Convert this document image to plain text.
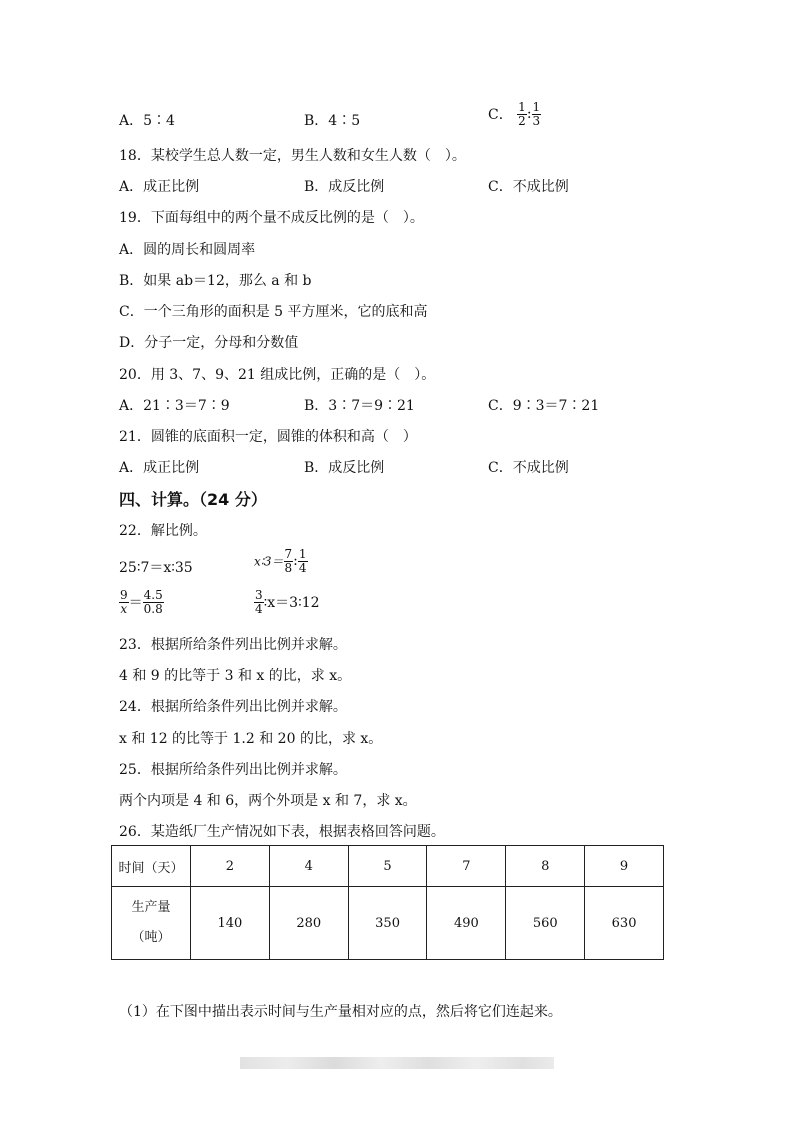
A．5∶4	B．4∶5	C． $\frac{1}{2}$ : $\frac{1}{3}$
18．某校学生总人数一定，男生人数和女生人数（　）。
A．成正比例	B．成反比例	C．不成比例
19．下面每组中的两个量不成反比例的是（　）。
A．圆的周长和圆周率
B．如果 ab＝12，那么 a 和 b
C．一个三角形的面积是 5 平方厘米，它的底和高
D．分子一定，分母和分数值
20．用 3、7、9、21 组成比例，正确的是（　）。
A．21∶3＝7∶9	B．3∶7＝9∶21	C．9∶3＝7∶21
21．圆锥的底面积一定，圆锥的体积和高（　）
A．成正比例	B．成反比例	C．不成比例
四、计算。（24 分）
22．解比例。
25∶7＝x∶35	x∶3＝ $\frac{7}{8}$ : $\frac{1}{4}$
$\frac{9}{x} = \frac{4.5}{0.8}$	$\frac{3}{4}$ ∶x＝3∶12
23．根据所给条件列出比例并求解。
4 和 9 的比等于 3 和 x 的比，求 x。
24．根据所给条件列出比例并求解。
x 和 12 的比等于 1.2 和 20 的比，求 x。
25．根据所给条件列出比例并求解。
两个内项是 4 和 6，两个外项是 x 和 7，求 x。
26．某造纸厂生产情况如下表，根据表格回答问题。
时间（天）	2	4	5	7	8	9

生产量
（吨）	140	280	350	490	560	630
（1）在下图中描出表示时间与生产量相对应的点，然后将它们连起来。
